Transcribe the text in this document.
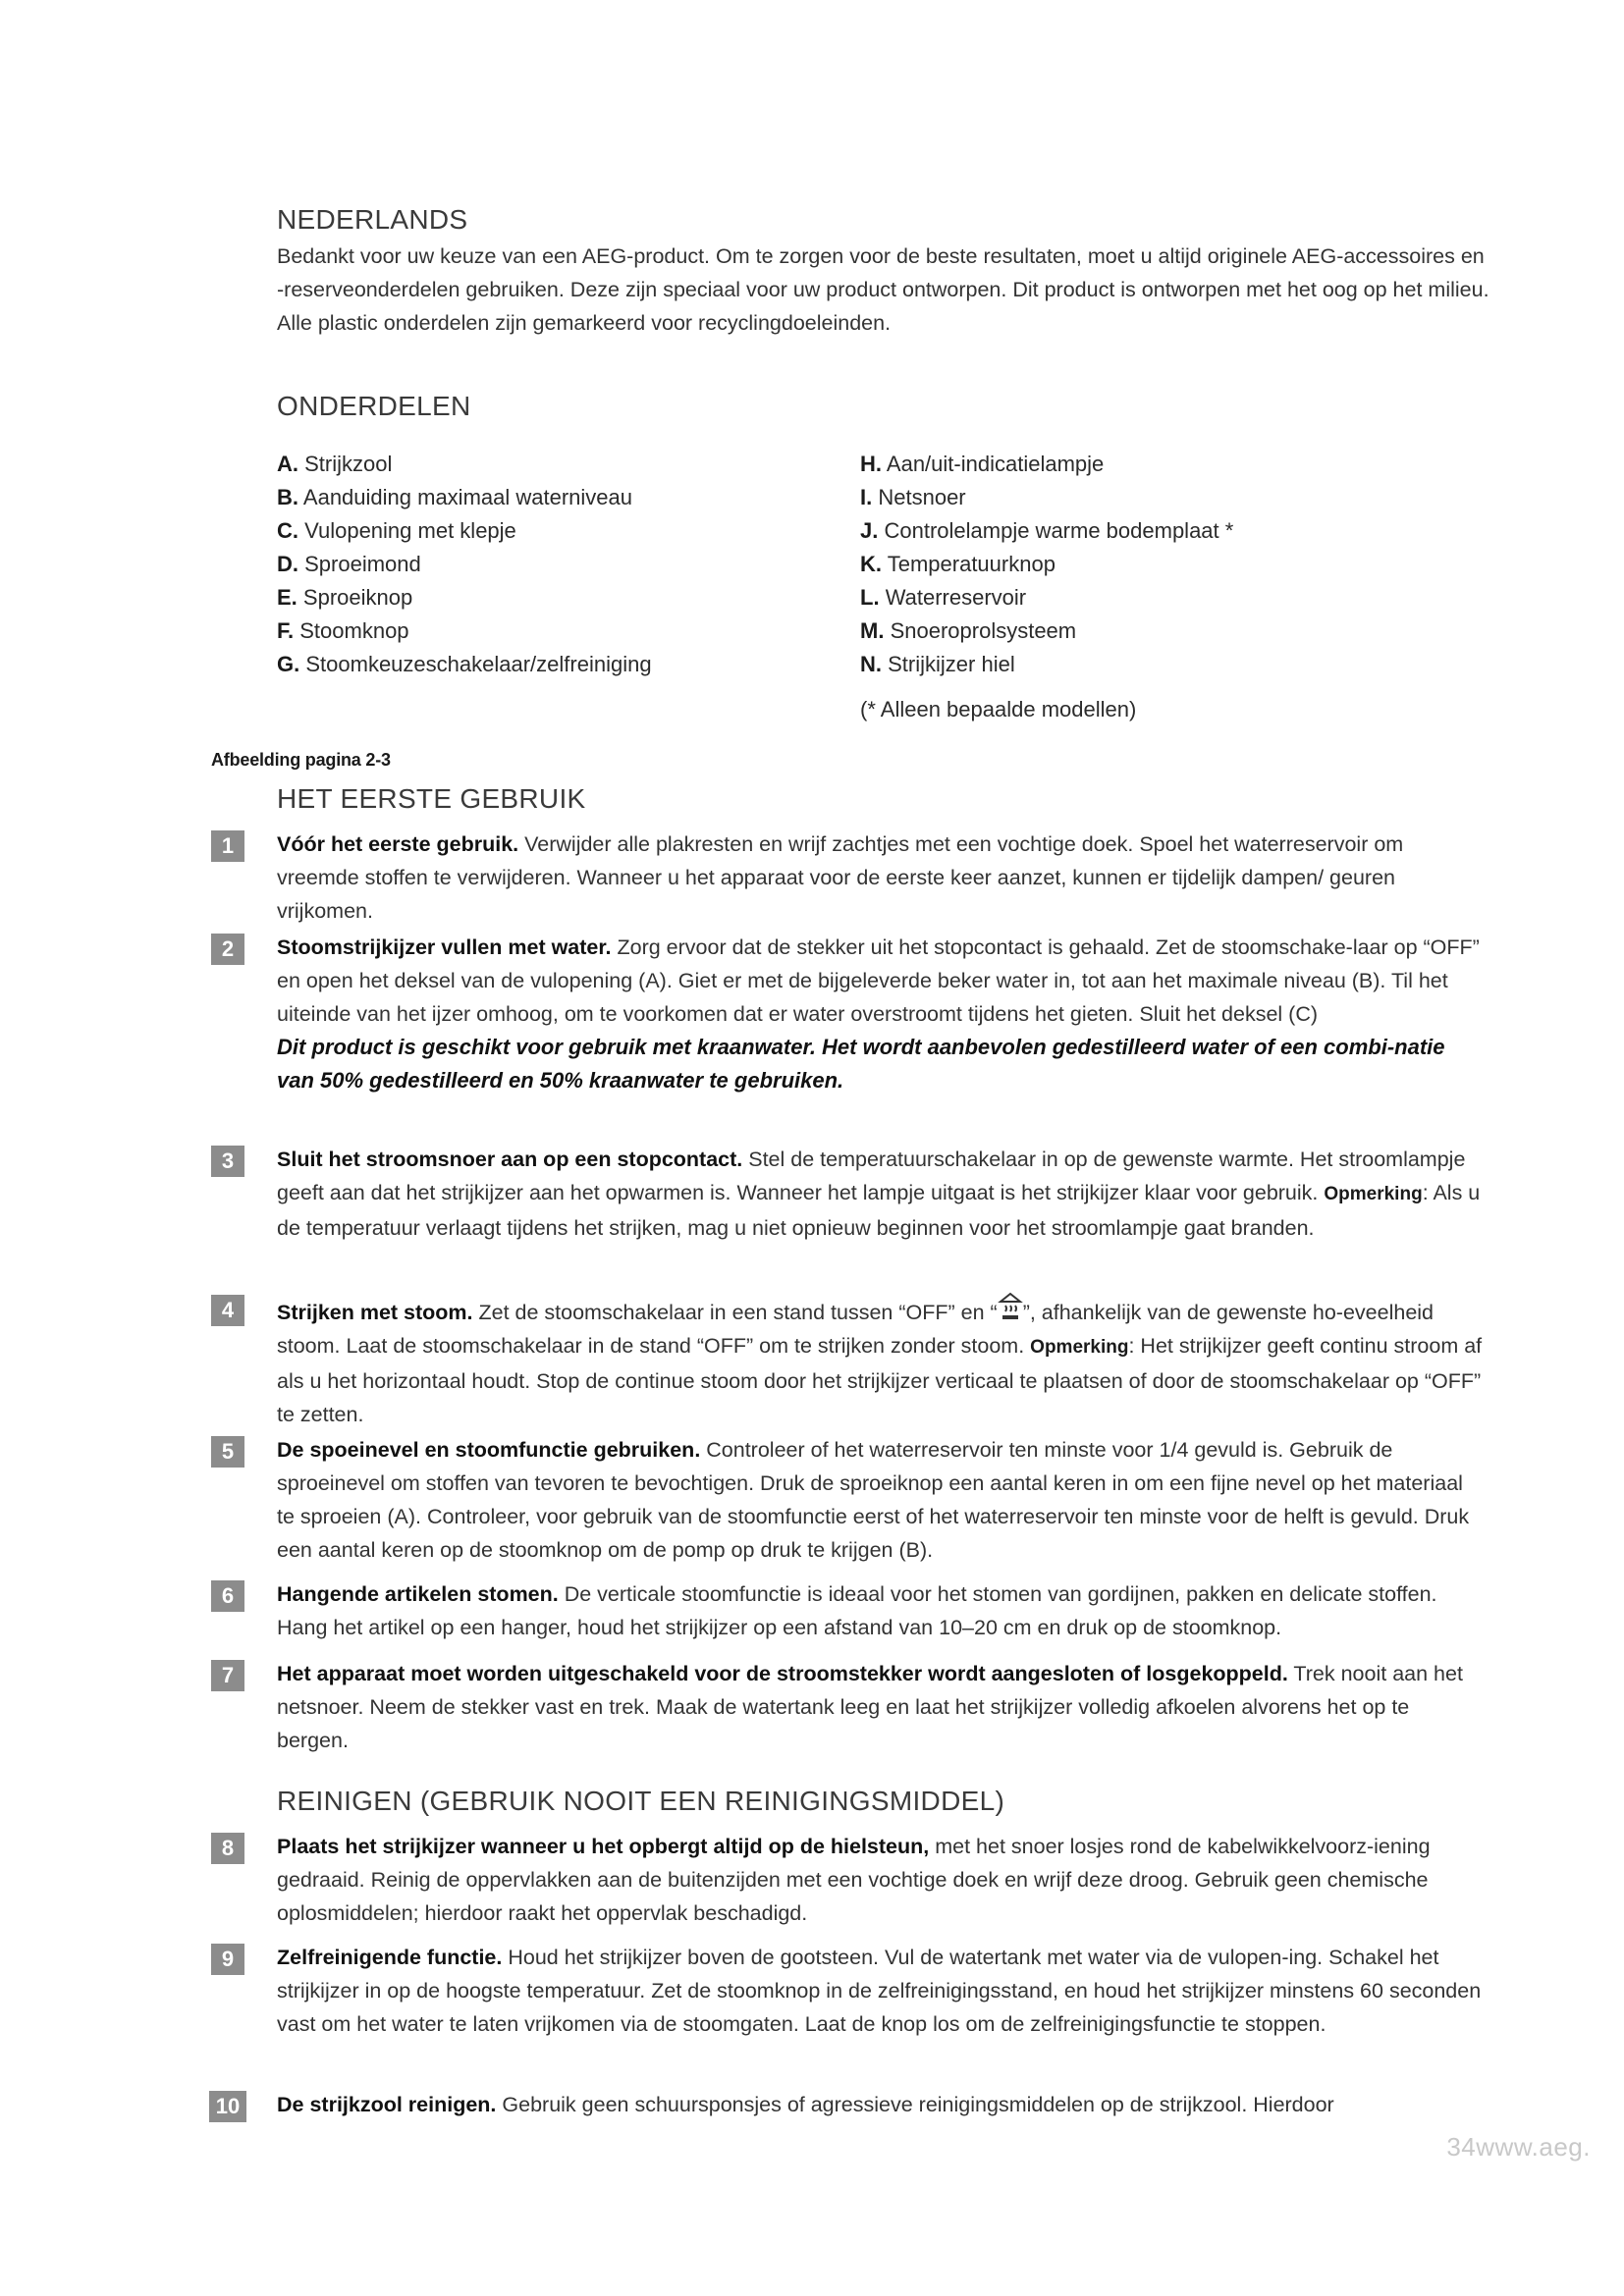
NEDERLANDS

Bedankt voor uw keuze van een AEG-product. Om te zorgen voor de beste resultaten, moet u altijd originele AEG-accessoires en -reserveonderdelen gebruiken. Deze zijn speciaal voor uw product ontworpen. Dit product is ontworpen met het oog op het milieu. Alle plastic onderdelen zijn gemarkeerd voor recyclingdoeleinden.

ONDERDELEN
A. Strijkzool
B. Aanduiding maximaal waterniveau
C. Vulopening met klepje
D. Sproeimond
E. Sproeiknop
F. Stoomknop
G. Stoomkeuzeschakelaar/zelfreiniging
H. Aan/uit-indicatielampje
I. Netsnoer
J. Controlelampje warme bodemplaat *
K. Temperatuurknop
L. Waterreservoir
M. Snoeroprolsysteem
N. Strijkijzer hiel
(* Alleen bepaalde modellen)
Afbeelding pagina 2-3
HET EERSTE GEBRUIK
1	Vóór het eerste gebruik. Verwijder alle plakresten en wrijf zachtjes met een vochtige doek. Spoel het waterreservoir om vreemde stoffen te verwijderen. Wanneer u het apparaat voor de eerste keer aanzet, kunnen er tijdelijk dampen/ geuren vrijkomen.
2	Stoomstrijkijzer vullen met water. Zorg ervoor dat de stekker uit het stopcontact is gehaald. Zet de stoomschake-laar op “OFF” en open het deksel van de vulopening (A). Giet er met de bijgeleverde beker water in, tot aan het maximale niveau (B). Til het uiteinde van het ijzer omhoog, om te voorkomen dat er water overstroomt tijdens het gieten. Sluit het deksel (C)
Dit product is geschikt voor gebruik met kraanwater. Het wordt aanbevolen gedestilleerd water of een combi-natie van 50% gedestilleerd en 50% kraanwater te gebruiken.
3	Sluit het stroomsnoer aan op een stopcontact. Stel de temperatuurschakelaar in op de gewenste warmte. Het stroomlampje geeft aan dat het strijkijzer aan het opwarmen is. Wanneer het lampje uitgaat is het strijkijzer klaar voor gebruik. Opmerking: Als u de temperatuur verlaagt tijdens het strijken, mag u niet opnieuw beginnen voor het stroomlampje gaat branden.
4	Strijken met stoom. Zet de stoomschakelaar in een stand tussen “OFF” en “ ”, afhankelijk van de gewenste ho-eveelheid stoom. Laat de stoomschakelaar in de stand “OFF” om te strijken zonder stoom. Opmerking: Het strijkijzer geeft continu stroom af als u het horizontaal houdt. Stop de continue stoom door het strijkijzer verticaal te plaatsen of door de stoomschakelaar op “OFF” te zetten.
5	De spoeinevel en stoomfunctie gebruiken. Controleer of het waterreservoir ten minste voor 1/4 gevuld is. Gebruik de sproeinevel om stoffen van tevoren te bevochtigen. Druk de sproeiknop een aantal keren in om een fijne nevel op het materiaal te sproeien (A). Controleer, voor gebruik van de stoomfunctie eerst of het waterreservoir ten minste voor de helft is gevuld. Druk een aantal keren op de stoomknop om de pomp op druk te krijgen (B).
6	Hangende artikelen stomen. De verticale stoomfunctie is ideaal voor het stomen van gordijnen, pakken en delicate stoffen. Hang het artikel op een hanger, houd het strijkijzer op een afstand van 10–20 cm en druk op de stoomknop.
7	Het apparaat moet worden uitgeschakeld voor de stroomstekker wordt aangesloten of losgekoppeld. Trek nooit aan het netsnoer. Neem de stekker vast en trek. Maak de watertank leeg en laat het strijkijzer volledig afkoelen alvorens het op te bergen.
REINIGEN (GEBRUIK NOOIT EEN REINIGINGSMIDDEL)
8	Plaats het strijkijzer wanneer u het opbergt altijd op de hielsteun, met het snoer losjes rond de kabelwikkelvoorz-iening gedraaid. Reinig de oppervlakken aan de buitenzijden met een vochtige doek en wrijf deze droog. Gebruik geen chemische oplosmiddelen; hierdoor raakt het oppervlak beschadigd.
9	Zelfreinigende functie. Houd het strijkijzer boven de gootsteen. Vul de watertank met water via de vulopen-ing. Schakel het strijkijzer in op de hoogste temperatuur. Zet de stoomknop in de zelfreinigingsstand, en houd het strijkijzer minstens 60 seconden vast om het water te laten vrijkomen via de stoomgaten. Laat de knop los om de zelfreinigingsfunctie te stoppen.
10	De strijkzool reinigen. Gebruik geen schuursponsjes of agressieve reinigingsmiddelen op de strijkzool. Hierdoor
34www.aeg.
